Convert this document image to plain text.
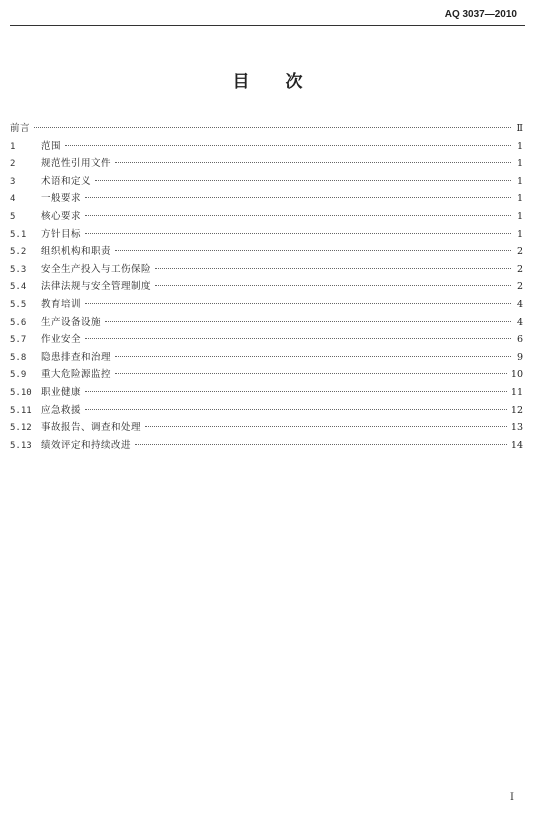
AQ 3037—2010
目 次
前言	Ⅱ
1	范围	1
2	规范性引用文件	1
3	术语和定义	1
4	一般要求	1
5	核心要求	1
5.1	方针目标	1
5.2	组织机构和职责	2
5.3	安全生产投入与工伤保险	2
5.4	法律法规与安全管理制度	2
5.5	教育培训	4
5.6	生产设备设施	4
5.7	作业安全	6
5.8	隐患排查和治理	9
5.9	重大危险源监控	10
5.10 职业健康	11
5.11 应急救援	12
5.12 事故报告、调查和处理	13
5.13 绩效评定和持续改进	14
I
